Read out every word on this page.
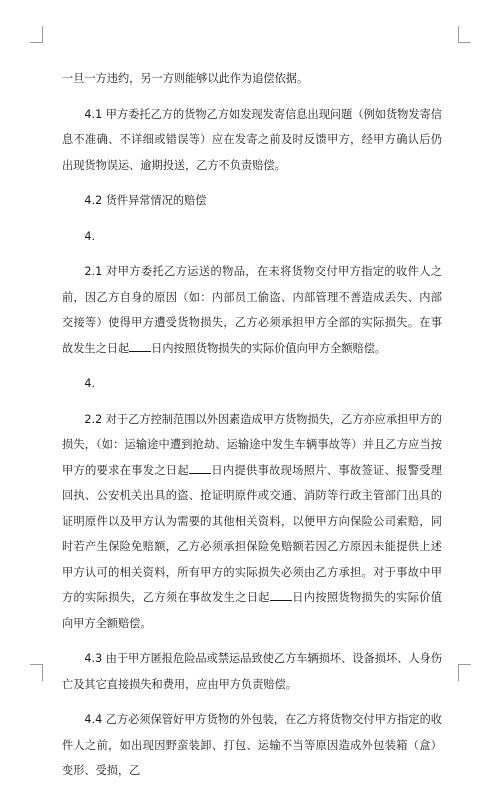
一旦一方违约，另一方则能够以此作为追偿依据。

4.1 甲方委托乙方的货物乙方如发现发寄信息出现问题（例如货物发寄信息不准确、不详细或错误等）应在发寄之前及时反馈甲方，经甲方确认后仍出现货物误运、逾期投送，乙方不负责赔偿。

4.2 货件异常情况的赔偿

4.

2.1 对甲方委托乙方运送的物品，在未将货物交付甲方指定的收件人之前，因乙方自身的原因（如：内部员工偷盗、内部管理不善造成丢失、内部交接等）使得甲方遭受货物损失，乙方必须承担甲方全部的实际损失。在事故发生之日起 日内按照货物损失的实际价值向甲方全额赔偿。

4.

2.2 对于乙方控制范围以外因素造成甲方货物损失，乙方亦应承担甲方的损失，（如：运输途中遭到抢劫、运输途中发生车辆事故等）并且乙方应当按甲方的要求在事发之日起 日内提供事故现场照片、事故签证、报警受理回执、公安机关出具的盗、抢证明原件或交通、消防等行政主管部门出具的证明原件以及甲方认为需要的其他相关资料，以便甲方向保险公司索赔，同时若产生保险免赔额，乙方必须承担保险免赔额若因乙方原因未能提供上述甲方认可的相关资料，所有甲方的实际损失必须由乙方承担。对于事故中甲方的实际损失，乙方须在事故发生之日起 日内按照货物损失的实际价值向甲方全额赔偿。

4.3 由于甲方匿报危险品或禁运品致使乙方车辆损坏、设备损坏、人身伤亡及其它直接损失和费用，应由甲方负责赔偿。

4.4 乙方必须保管好甲方货物的外包装，在乙方将货物交付甲方指定的收件人之前，如出现因野蛮装卸、打包、运输不当等原因造成外包装箱（盒）变形、受损，乙
